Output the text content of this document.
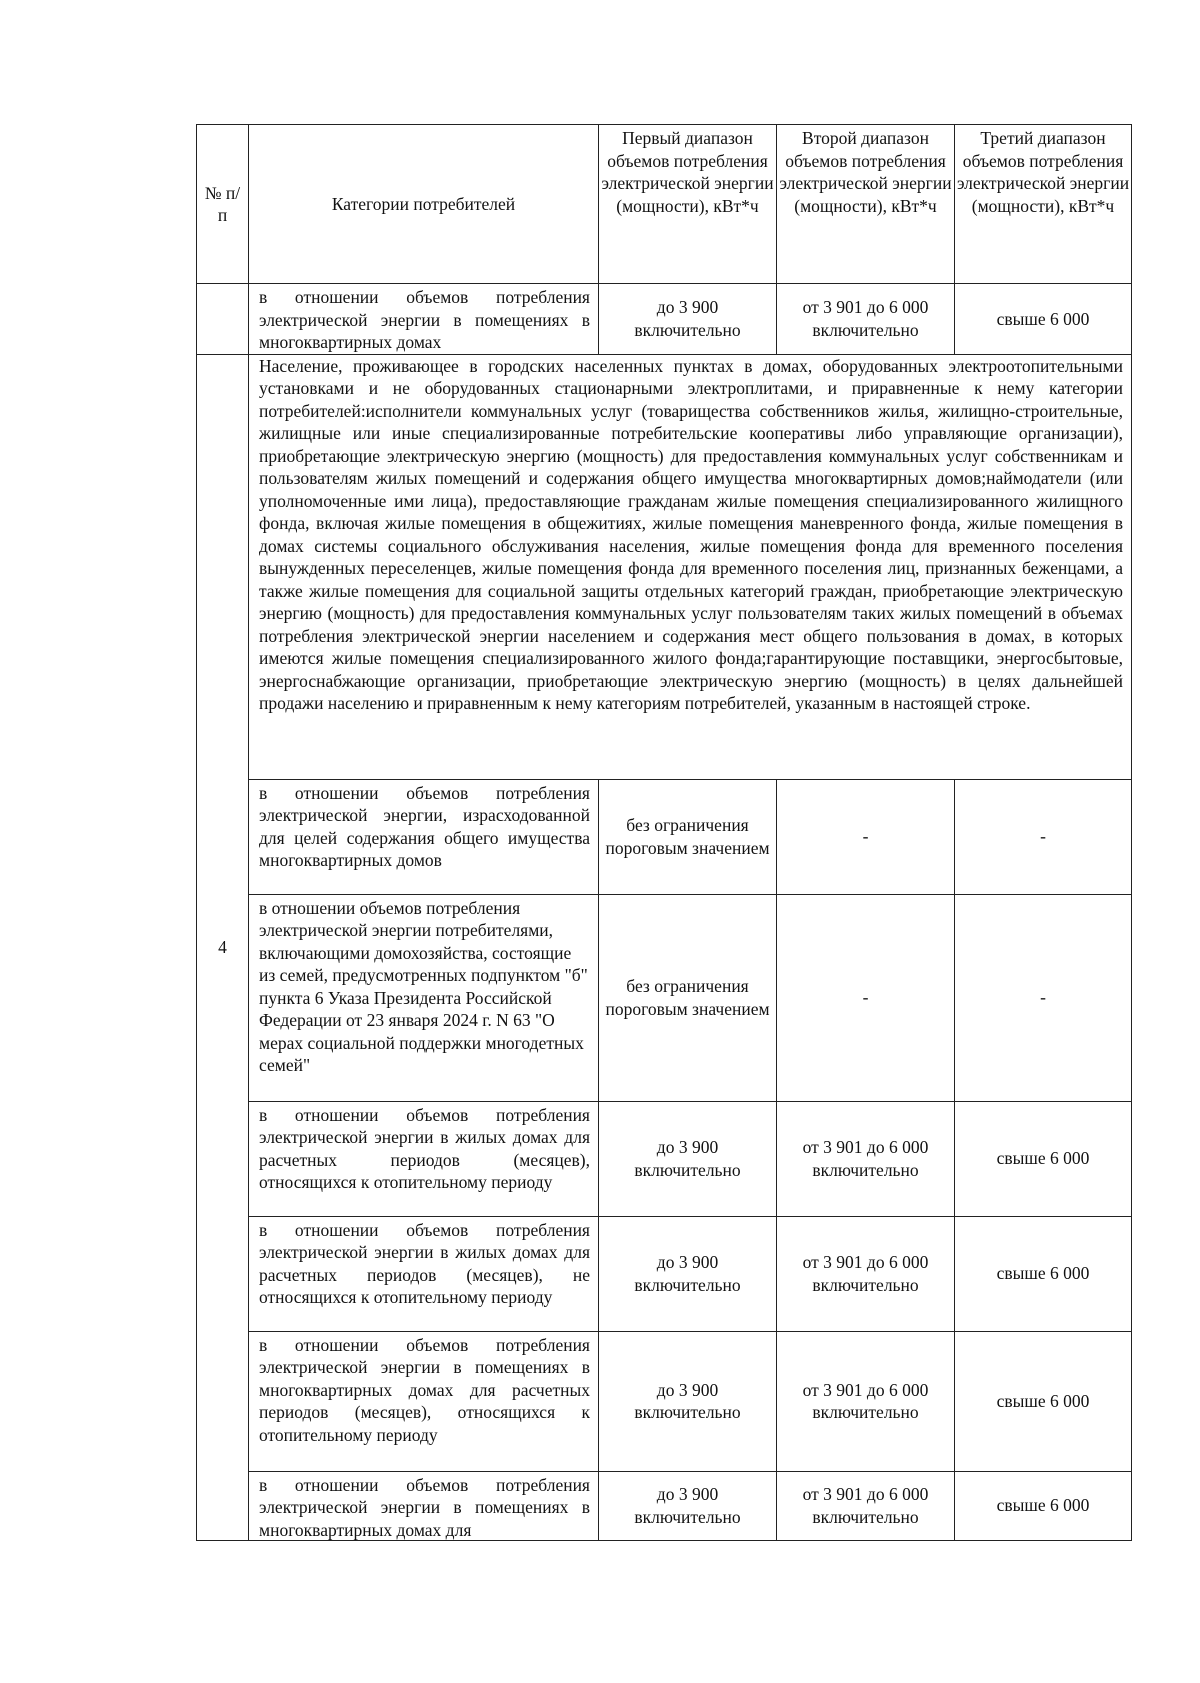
№ п/п	Категории потребителей	Первый диапазон объемов потребления электрической энергии (мощности), кВт*ч	Второй диапазон объемов потребления электрической энергии (мощности), кВт*ч	Третий диапазон объемов потребления электрической энергии (мощности), кВт*ч
	в отношении объемов потребления электрической энергии в помещениях в многоквартирных домах	до 3 900 включительно	от 3 901 до 6 000 включительно	свыше 6 000
4	Население, проживающее в городских населенных пунктах в домах, оборудованных электроотопительными установками и не оборудованных стационарными электроплитами, и приравненные к нему категории потребителей:исполнители коммунальных услуг (товарищества собственников жилья, жилищно-строительные, жилищные или иные специализированные потребительские кооперативы либо управляющие организации), приобретающие электрическую энергию (мощность) для предоставления коммунальных услуг собственникам и пользователям жилых помещений и содержания общего имущества многоквартирных домов;наймодатели (или уполномоченные ими лица), предоставляющие гражданам жилые помещения специализированного жилищного фонда, включая жилые помещения в общежитиях, жилые помещения маневренного фонда, жилые помещения в домах системы социального обслуживания населения, жилые помещения фонда для временного поселения вынужденных переселенцев, жилые помещения фонда для временного поселения лиц, признанных беженцами, а также жилые помещения для социальной защиты отдельных категорий граждан, приобретающие электрическую энергию (мощность) для предоставления коммунальных услуг пользователям таких жилых помещений в объемах потребления электрической энергии населением и содержания мест общего пользования в домах, в которых имеются жилые помещения специализированного жилого фонда;гарантирующие поставщики, энергосбытовые, энергоснабжающие организации, приобретающие электрическую энергию (мощность) в целях дальнейшей продажи населению и приравненным к нему категориям потребителей, указанным в настоящей строке.			
	в отношении объемов потребления электрической энергии, израсходованной для целей содержания общего имущества многоквартирных домов	без ограничения пороговым значением	-	-
	в отношении объемов потребления электрической энергии потребителями, включающими домохозяйства, состоящие из семей, предусмотренных подпунктом "б" пункта 6 Указа Президента Российской Федерации от 23 января 2024 г. N 63 "О мерах социальной поддержки многодетных семей"	без ограничения пороговым значением	-	-
	в отношении объемов потребления электрической энергии в жилых домах для расчетных периодов (месяцев), относящихся к отопительному периоду	до 3 900 включительно	от 3 901 до 6 000 включительно	свыше 6 000
	в отношении объемов потребления электрической энергии в жилых домах для расчетных периодов (месяцев), не относящихся к отопительному периоду	до 3 900 включительно	от 3 901 до 6 000 включительно	свыше 6 000
	в отношении объемов потребления электрической энергии в помещениях в многоквартирных домах для расчетных периодов (месяцев), относящихся к отопительному периоду	до 3 900 включительно	от 3 901 до 6 000 включительно	свыше 6 000

	в отношении объемов потребления электрической энергии в помещениях в многоквартирных домах для	до 3 900 включительно	от 3 901 до 6 000 включительно	свыше 6 000
